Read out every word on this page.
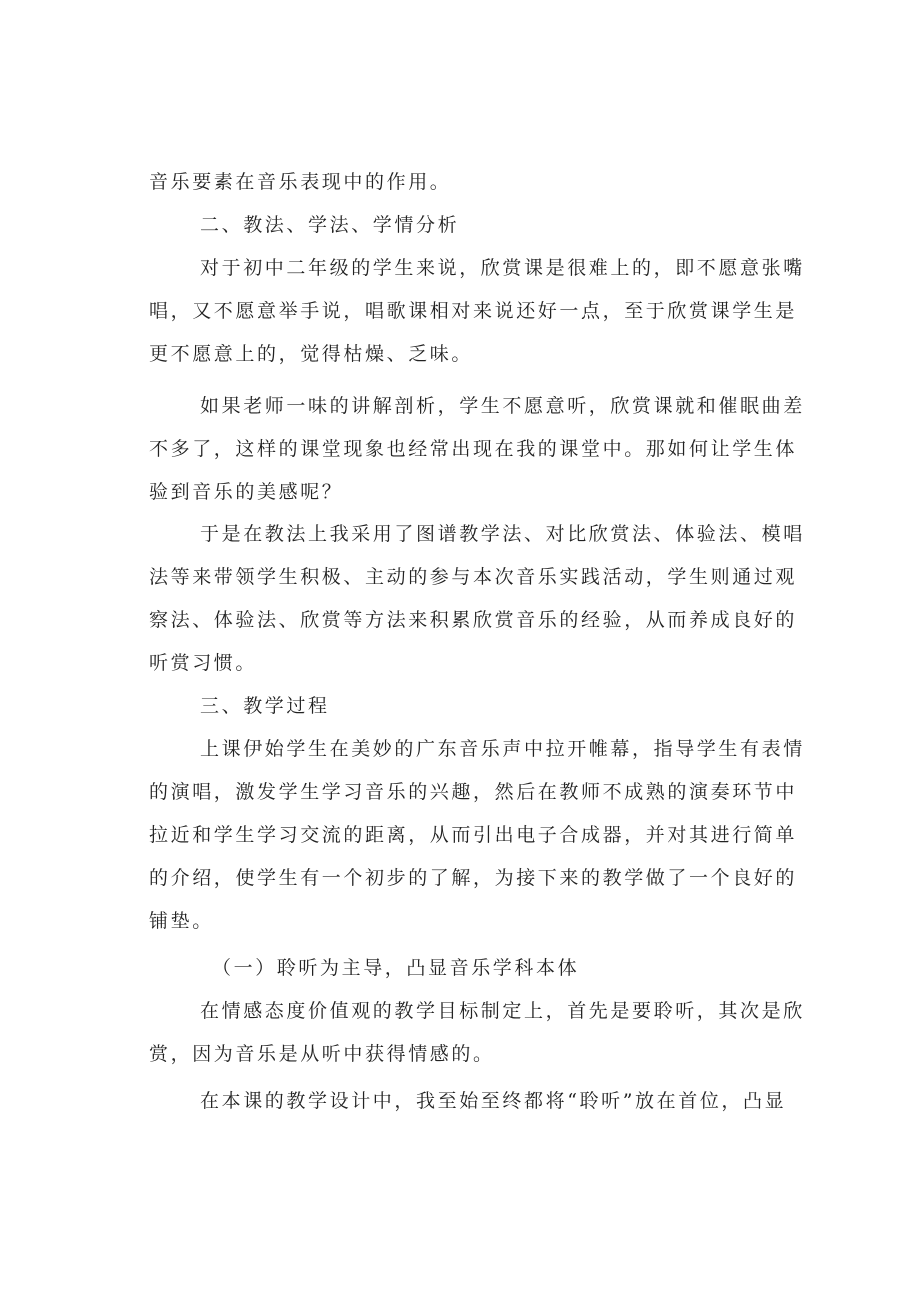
音乐要素在音乐表现中的作用。
二、教法、学法、学情分析
对于初中二年级的学生来说，欣赏课是很难上的，即不愿意张嘴
唱，又不愿意举手说，唱歌课相对来说还好一点，至于欣赏课学生是
更不愿意上的，觉得枯燥、乏味。
如果老师一味的讲解剖析，学生不愿意听，欣赏课就和催眠曲差
不多了，这样的课堂现象也经常出现在我的课堂中。那如何让学生体
验到音乐的美感呢？
于是在教法上我采用了图谱教学法、对比欣赏法、体验法、模唱
法等来带领学生积极、主动的参与本次音乐实践活动，学生则通过观
察法、体验法、欣赏等方法来积累欣赏音乐的经验，从而养成良好的
听赏习惯。
三、教学过程
上课伊始学生在美妙的广东音乐声中拉开帷幕，指导学生有表情
的演唱，激发学生学习音乐的兴趣，然后在教师不成熟的演奏环节中
拉近和学生学习交流的距离，从而引出电子合成器，并对其进行简单
的介绍，使学生有一个初步的了解，为接下来的教学做了一个良好的
铺垫。
（一）聆听为主导，凸显音乐学科本体
在情感态度价值观的教学目标制定上，首先是要聆听，其次是欣
赏，因为音乐是从听中获得情感的。
在本课的教学设计中，我至始至终都将“聆听”放在首位，凸显
